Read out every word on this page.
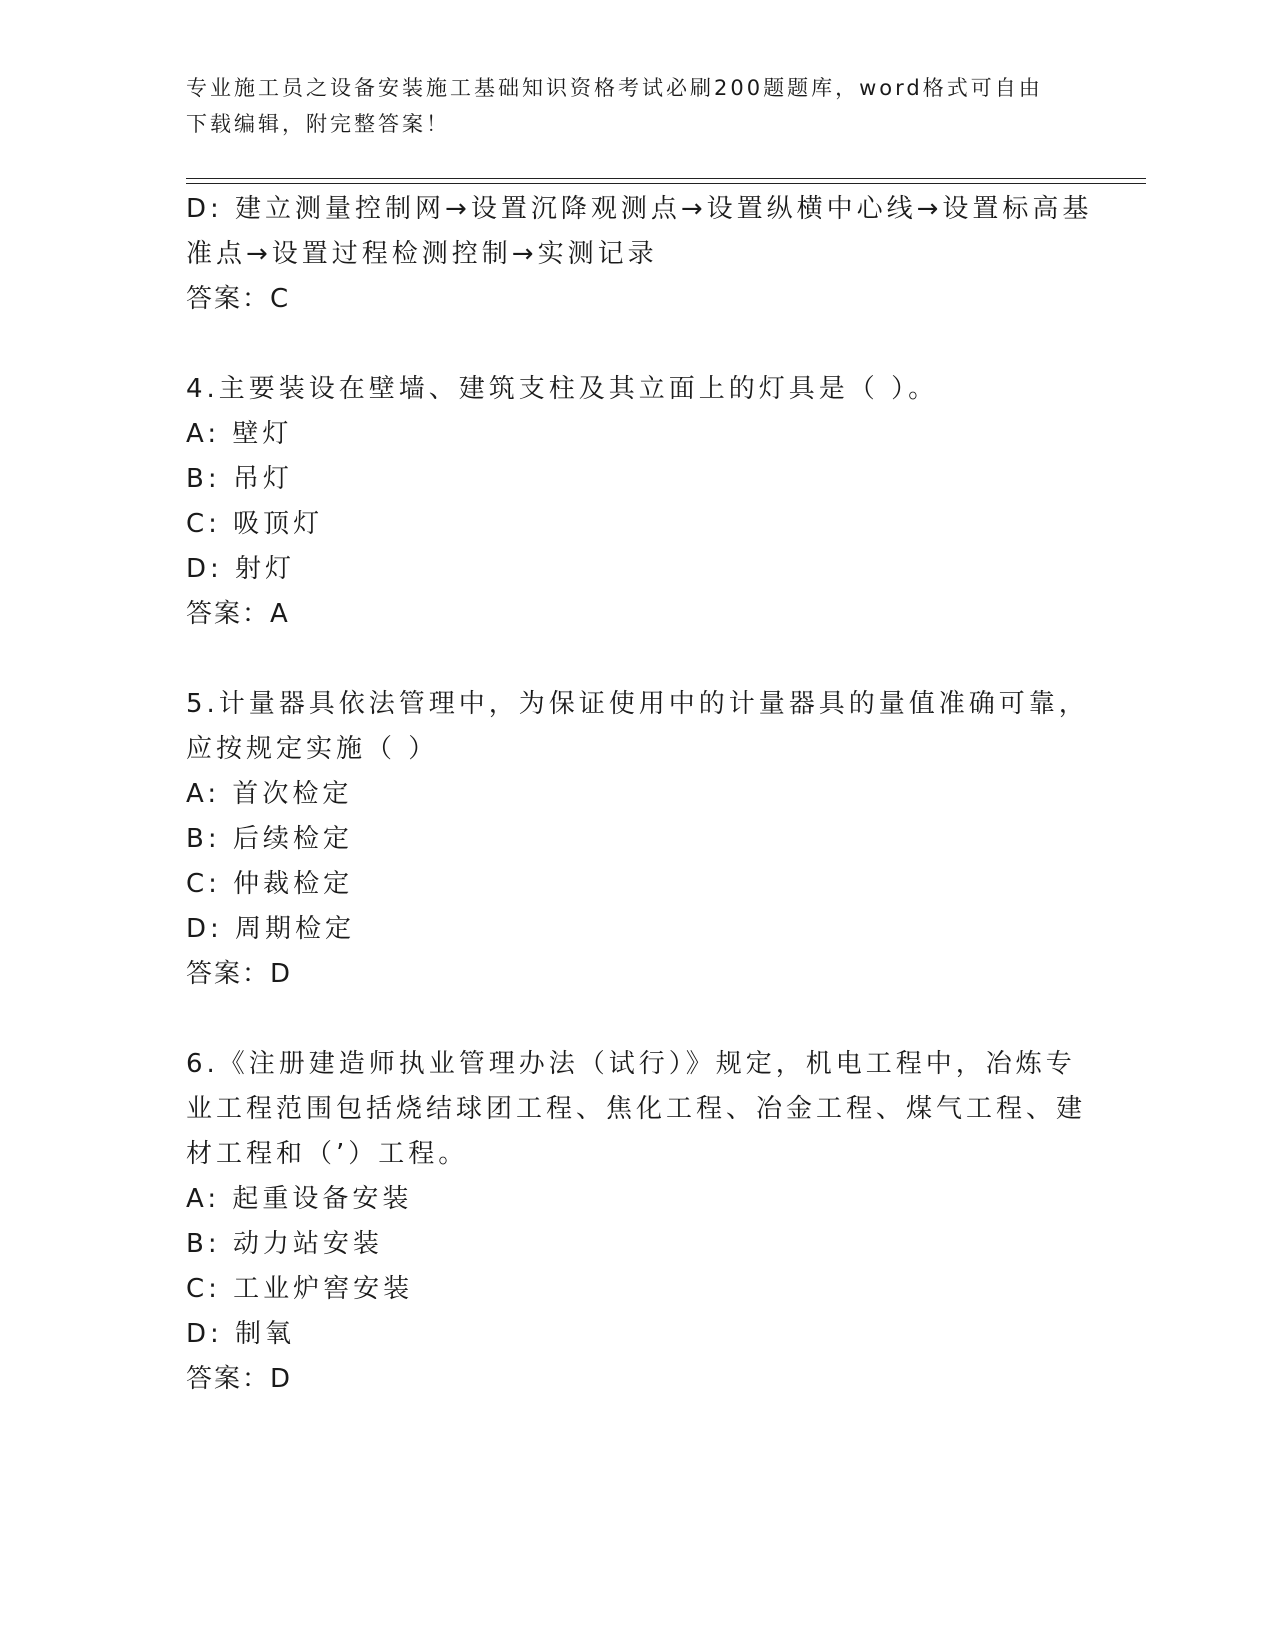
专业施工员之设备安装施工基础知识资格考试必刷200题题库，word格式可自由
下载编辑，附完整答案！
D: 建立测量控制网→设置沉降观测点→设置纵横中心线→设置标高基
准点→设置过程检测控制→实测记录
答案：C
4.主要装设在壁墙、建筑支柱及其立面上的灯具是（ ）。
A: 壁灯
B: 吊灯
C: 吸顶灯
D: 射灯
答案：A
5.计量器具依法管理中，为保证使用中的计量器具的量值准确可靠，
应按规定实施（ ）
A: 首次检定
B: 后续检定
C: 仲裁检定
D: 周期检定
答案：D
6.《注册建造师执业管理办法（试行）》规定，机电工程中，冶炼专
业工程范围包括烧结球团工程、焦化工程、冶金工程、煤气工程、建
材工程和（’）工程。
A: 起重设备安装
B: 动力站安装
C: 工业炉窖安装
D: 制氧
答案：D
